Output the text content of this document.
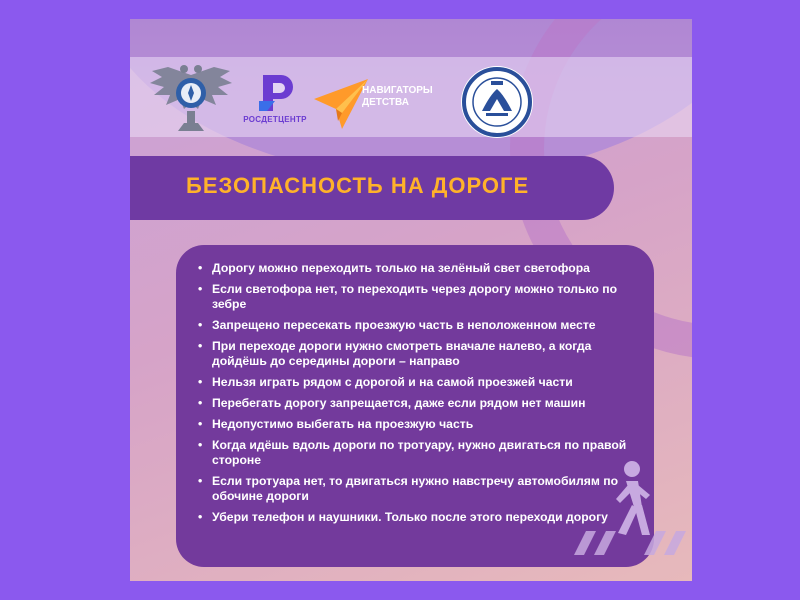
РОСДЕТЦЕНТР
НАВИГАТОРЫ
ДЕТСТВА
БЕЗОПАСНОСТЬ НА ДОРОГЕ
• Дорогу можно переходить только на зелёный свет светофора
• Если светофора нет, то переходить через дорогу можно только по зебре
• Запрещено пересекать проезжую часть в неположенном месте
• При переходе дороги нужно смотреть вначале налево, а когда дойдёшь до середины дороги – направо
• Нельзя играть рядом с дорогой и на самой проезжей части
• Перебегать дорогу запрещается, даже если рядом нет машин
• Недопустимо выбегать на проезжую часть
• Когда идёшь вдоль дороги по тротуару, нужно двигаться по правой стороне
• Если тротуара нет, то двигаться нужно навстречу автомобилям по обочине дороги
• Убери телефон и наушники. Только после этого переходи дорогу
